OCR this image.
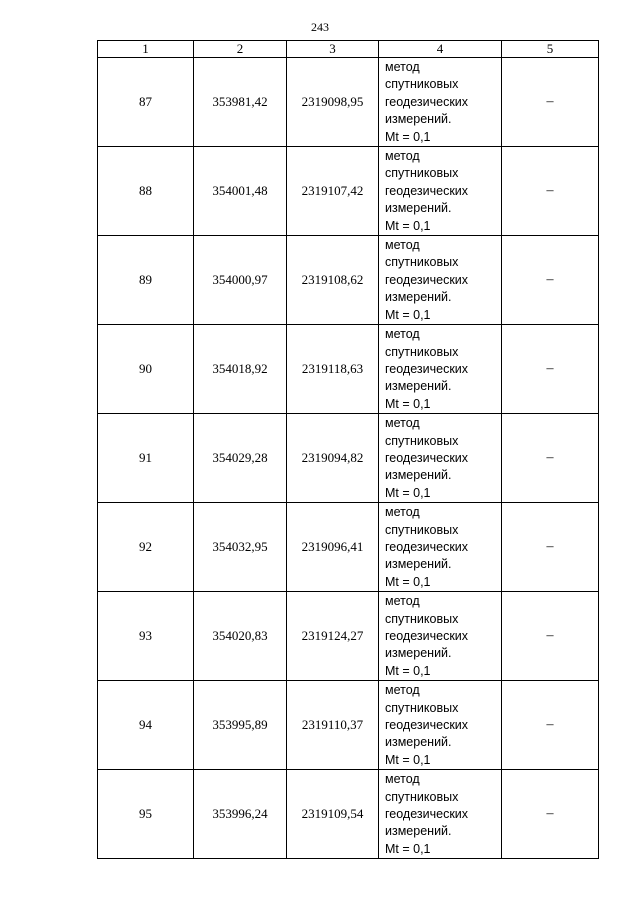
243
1	2	3	4	5
87	353981,42	2319098,95	метод
спутниковых
геодезических
измерений.
Mt = 0,1	–
88	354001,48	2319107,42	метод
спутниковых
геодезических
измерений.
Mt = 0,1	–
89	354000,97	2319108,62	метод
спутниковых
геодезических
измерений.
Mt = 0,1	–
90	354018,92	2319118,63	метод
спутниковых
геодезических
измерений.
Mt = 0,1	–
91	354029,28	2319094,82	метод
спутниковых
геодезических
измерений.
Mt = 0,1	–
92	354032,95	2319096,41	метод
спутниковых
геодезических
измерений.
Mt = 0,1	–
93	354020,83	2319124,27	метод
спутниковых
геодезических
измерений.
Mt = 0,1	–
94	353995,89	2319110,37	метод
спутниковых
геодезических
измерений.
Mt = 0,1	–
95	353996,24	2319109,54	метод
спутниковых
геодезических
измерений.
Mt = 0,1	–
